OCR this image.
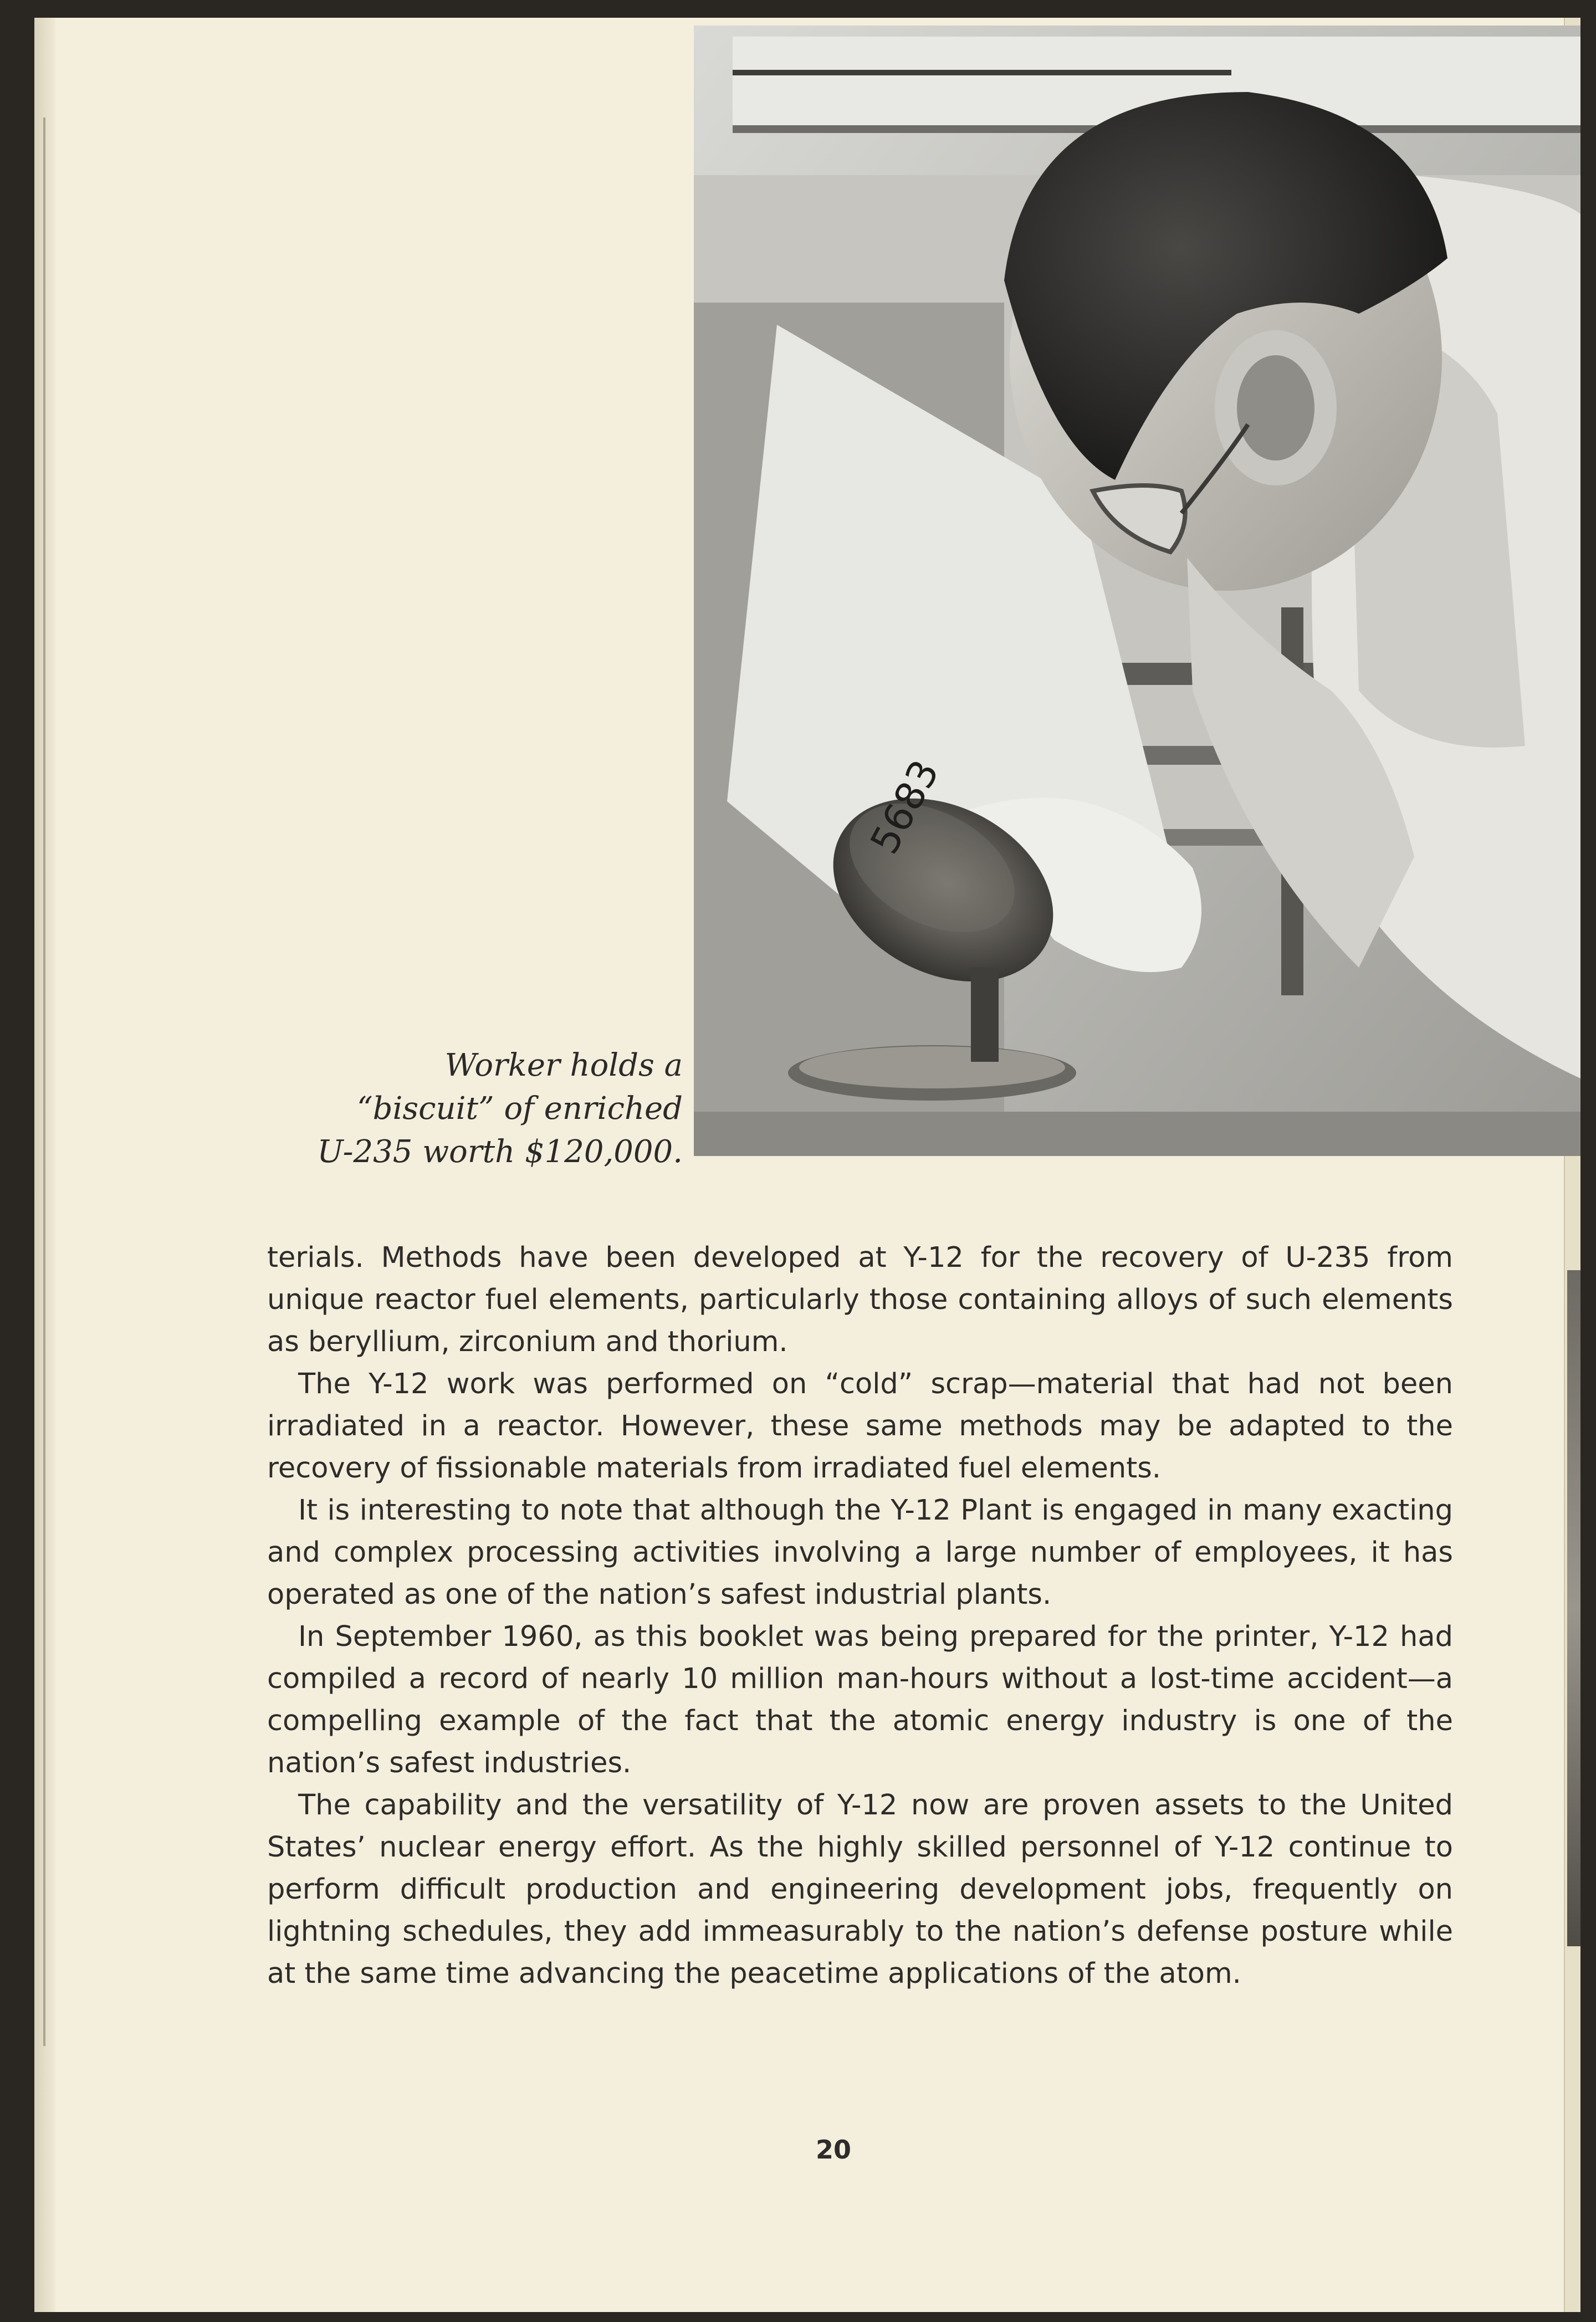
5683
Worker holds a
“biscuit” of enriched
U-235 worth $120,000.

terials. Methods have been developed at Y-12 for the recovery of U-235 from unique reactor fuel elements, particularly those containing alloys of such elements as beryllium, zirconium and thorium.

The Y-12 work was performed on “cold” scrap—material that had not been irradiated in a reactor. However, these same methods may be adapted to the recovery of fissionable materials from irradiated fuel elements.

It is interesting to note that although the Y-12 Plant is engaged in many exacting and complex processing activities involving a large number of employees, it has operated as one of the nation’s safest industrial plants.

In September 1960, as this booklet was being prepared for the printer, Y-12 had compiled a record of nearly 10 million man-hours without a lost-time accident—a compelling example of the fact that the atomic energy industry is one of the nation’s safest industries.

The capability and the versatility of Y-12 now are proven assets to the United States’ nuclear energy effort. As the highly skilled personnel of Y-12 continue to perform difficult production and engineering development jobs, frequently on lightning schedules, they add immeasurably to the nation’s defense posture while at the same time advancing the peacetime applications of the atom.

20
